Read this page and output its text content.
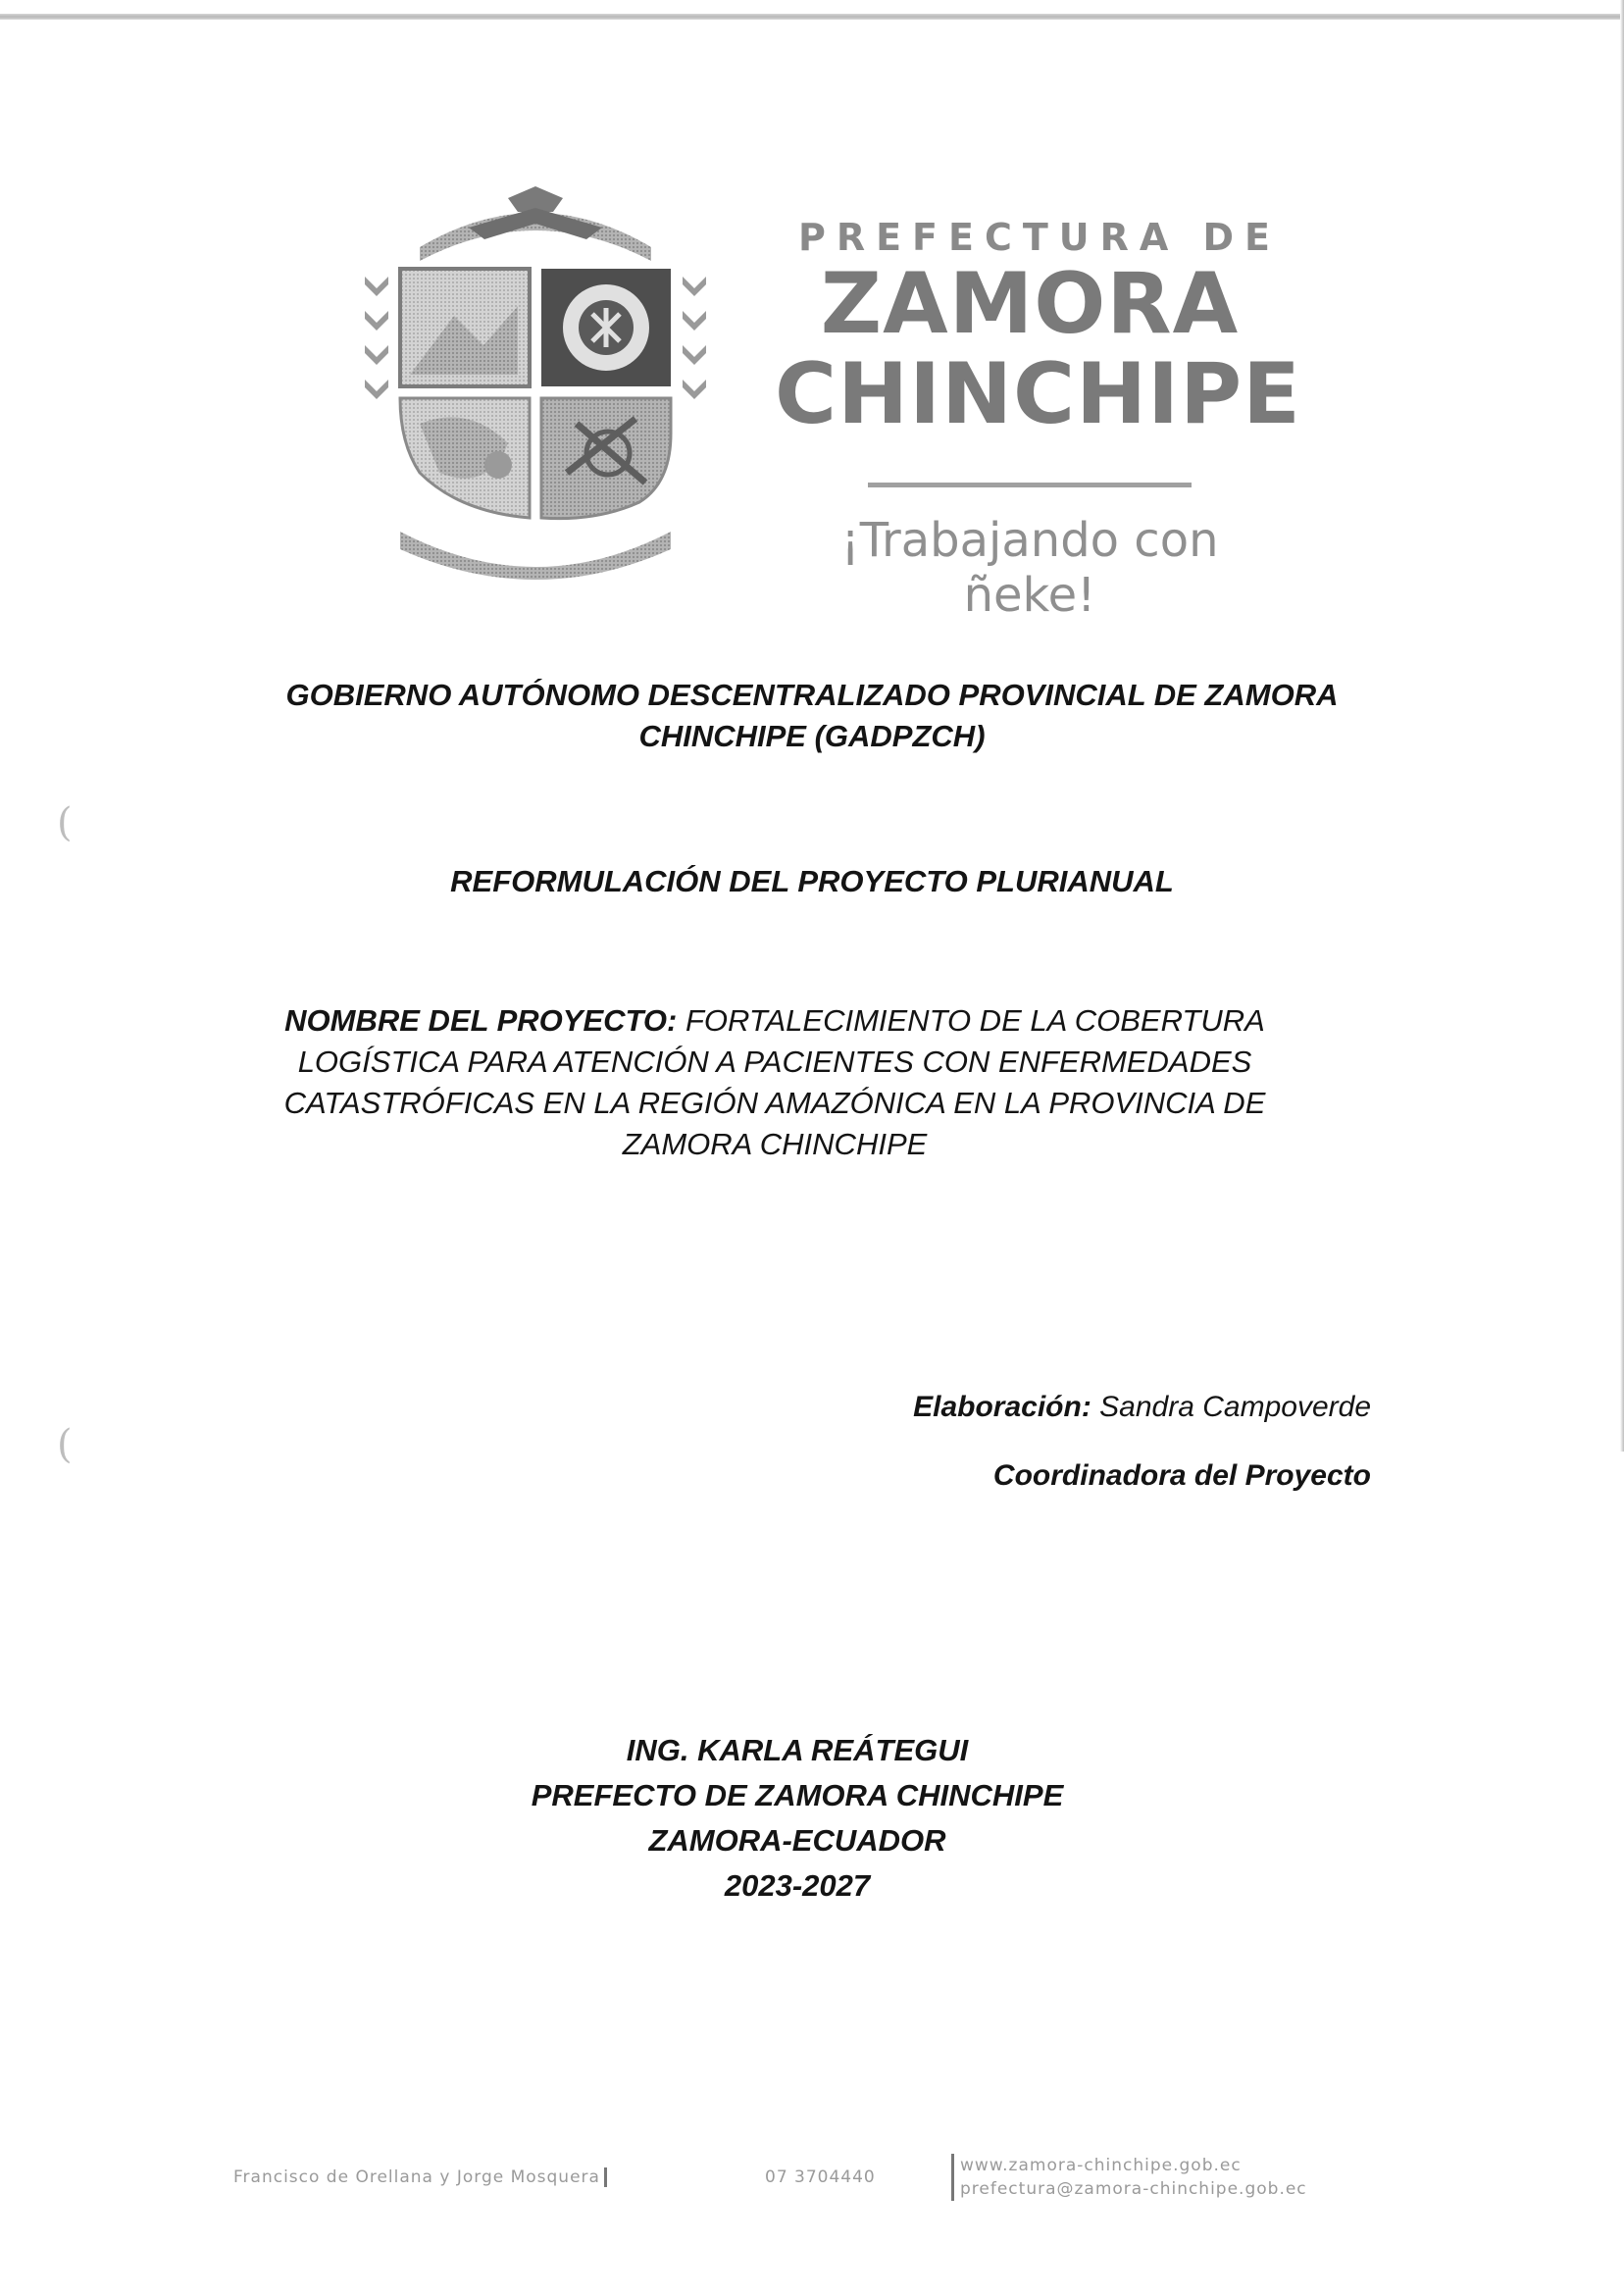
PREFECTURA DE
ZAMORA
CHINCHIPE
¡Trabajando con ñeke!
GOBIERNO AUTÓNOMO DESCENTRALIZADO PROVINCIAL DE ZAMORA
CHINCHIPE (GADPZCH)
REFORMULACIÓN DEL PROYECTO PLURIANUAL
NOMBRE DEL PROYECTO: FORTALECIMIENTO DE LA COBERTURA LOGÍSTICA PARA ATENCIÓN A PACIENTES CON ENFERMEDADES CATASTRÓFICAS EN LA REGIÓN AMAZÓNICA EN LA PROVINCIA DE ZAMORA CHINCHIPE
Elaboración: Sandra Campoverde
Coordinadora del Proyecto
ING. KARLA REÁTEGUI
PREFECTO DE ZAMORA CHINCHIPE
ZAMORA-ECUADOR
2023-2027
Francisco de Orellana y Jorge Mosquera	07 3704440
www.zamora-chinchipe.gob.ec
prefectura@zamora-chinchipe.gob.ec
(
(
